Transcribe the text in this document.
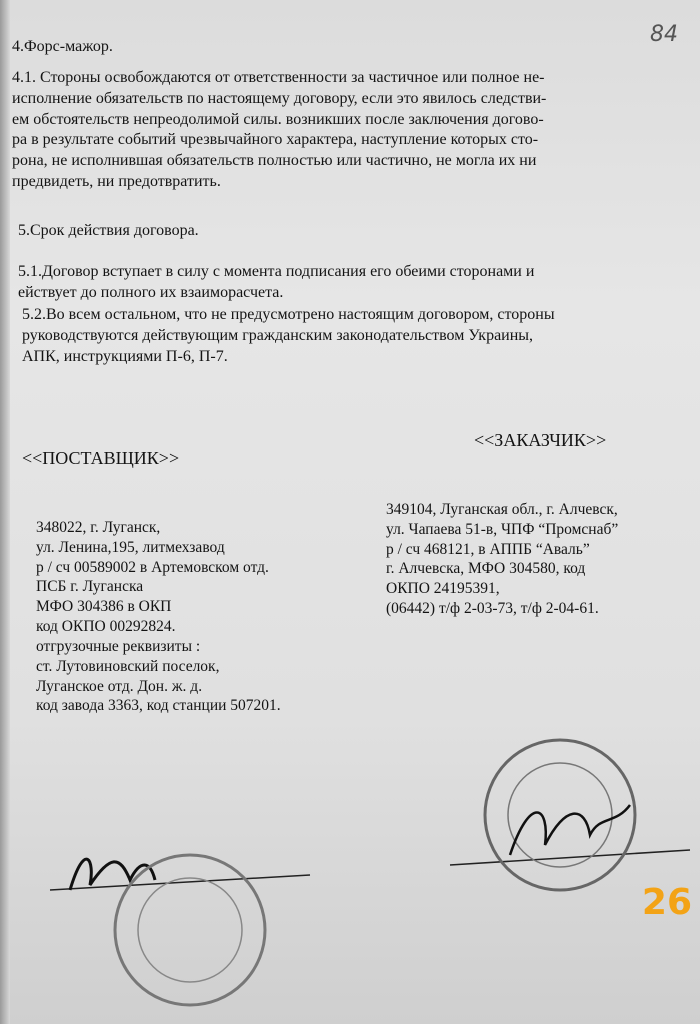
84
4.Форс-мажор.

4.1. Стороны освобождаются от ответственности за частичное или полное не-
исполнение обязательств по настоящему договору, если это явилось следстви-
ем обстоятельств непреодолимой силы. возникших после заключения догово-
ра в результате событий чрезвычайного характера, наступление которых сто-
рона, не исполнившая обязательств полностью или частично, не могла их ни
предвидеть, ни предотвратить.

5.Срок действия договора.

5.1.Договор вступает в силу с момента подписания его обеими сторонами и
ействует до полного их взаиморасчета.

5.2.Во всем остальном, что не предусмотрено настоящим договором, стороны
руководствуются действующим гражданским законодательством Украины,
АПК, инструкциями П-6, П-7.

<<ПОСТАВЩИК>>
<<ЗАКАЗЧИК>>
348022, г. Луганск,
ул. Ленина,195, литмехзавод
р / сч 00589002 в Артемовском отд.
ПСБ г. Луганска
МФО 304386 в ОКП
код ОКПО 00292824.
отгрузочные реквизиты :
ст. Лутовиновский поселок,
Луганское отд. Дон. ж. д.
код завода 3363, код станции 507201.
349104, Луганская обл., г. Алчевск,
ул. Чапаева 51-в, ЧПФ “Промснаб”
р / сч 468121, в АППБ “Аваль”
г. Алчевска, МФО 304580, код
ОКПО 24195391,
(06442) т/ф 2-03-73, т/ф 2-04-61.
26
